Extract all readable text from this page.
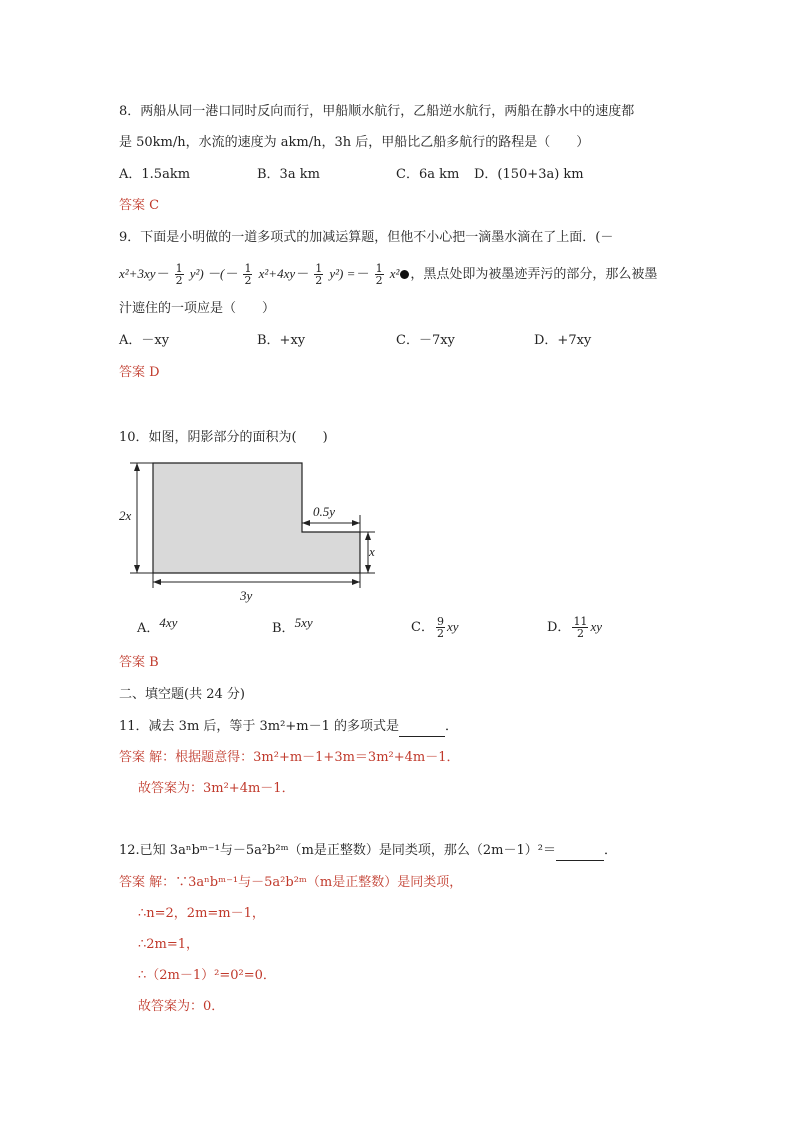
8．两船从同一港口同时反向而行，甲船顺水航行，乙船逆水航行，两船在静水中的速度都
是 50km/h，水流的速度为 akm/h，3h 后，甲船比乙船多航行的路程是（　　）
A．1.5akm	B．3a km	C．6a km D．(150+3a) km
答案 C
9．下面是小明做的一道多项式的加减运算题，但他不小心把一滴墨水滴在了上面．(－
$x^2+3xy- \frac{1}{2} y^2$) －(－ $\frac{1}{2} x^2+4xy- \frac{1}{2} y^2) =- \frac{1}{2} x^2$ ，黑点处即为被墨迹弄污的部分，那么被墨
汁遮住的一项应是（　　）
A．－xy	B．+xy	C．－7xy	D．+7xy
答案 D
10．如图，阴影部分的面积为(　　)
2x	0.5y
x
3y
A．4xy	B．5xy	C． $\frac{9}{2}$ xy	D． $\frac{11}{2}$ xy
答案 B
二、填空题(共 24 分)
11．减去 3m 后，等于 3m²+m－1 的多项式是	．
答案 解：根据题意得：3m²+m－1+3m＝3m²+4m－1．
故答案为：3m²+4m－1．
12.已知 3aⁿbᵐ⁻¹与－5a²b²ᵐ（m是正整数）是同类项，那么（2m－1）²＝	．
答案 解：∵3aⁿbᵐ⁻¹与－5a²b²ᵐ（m是正整数）是同类项，
∴n=2，2m=m－1，
∴2m=1，
∴（2m－1）²=0²=0．
故答案为：0．
